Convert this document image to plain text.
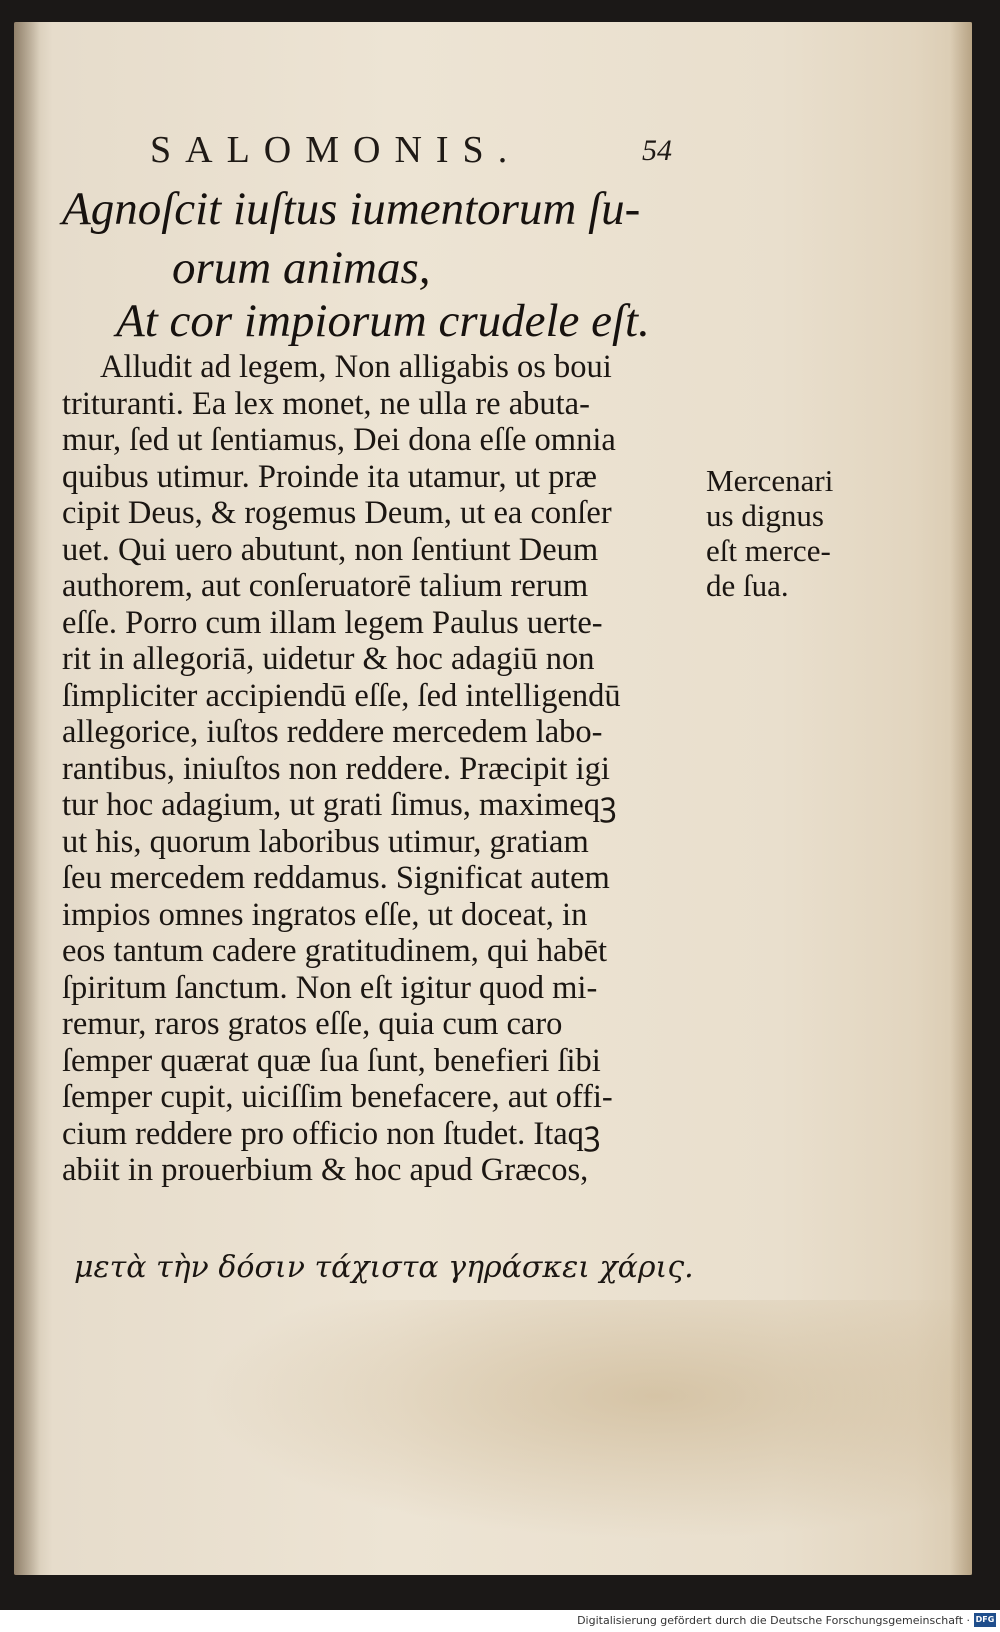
SALOMONIS.	54
Agnoſcit iuſtus iumentorum ſu-
orum animas,
At cor impiorum crudele eſt.
Alludit ad legem, Non alligabis os boui
trituranti. Ea lex monet, ne ulla re abuta-
mur, ſed ut ſentiamus, Dei dona eſſe omnia
quibus utimur. Proinde ita utamur, ut præ
cipit Deus, & rogemus Deum, ut ea conſer
uet. Qui uero abutunt, non ſentiunt Deum
authorem, aut conſeruatorē talium rerum
eſſe. Porro cum illam legem Paulus uerte-
rit in allegoriā, uidetur & hoc adagiū non
ſimpliciter accipiendū eſſe, ſed intelligendū
allegorice, iuſtos reddere mercedem labo-
rantibus, iniuſtos non reddere. Præcipit igi
tur hoc adagium, ut grati ſimus, maximeqꝫ
ut his, quorum laboribus utimur, gratiam
ſeu mercedem reddamus. Significat autem
impios omnes ingratos eſſe, ut doceat, in
eos tantum cadere gratitudinem, qui habēt
ſpiritum ſanctum. Non eſt igitur quod mi-
remur, raros gratos eſſe, quia cum caro
ſemper quærat quæ ſua ſunt, benefieri ſibi
ſemper cupit, uiciſſim benefacere, aut offi-
cium reddere pro officio non ſtudet. Itaqꝫ
abiit in prouerbium & hoc apud Græcos,
μετὰ τὴν δόσιν τάχιστα γηράσκει χάρις.
Mercenari
us dignus
eſt merce-
de ſua.
Digitalisierung gefördert durch die Deutsche Forschungsgemeinschaft · DFG
